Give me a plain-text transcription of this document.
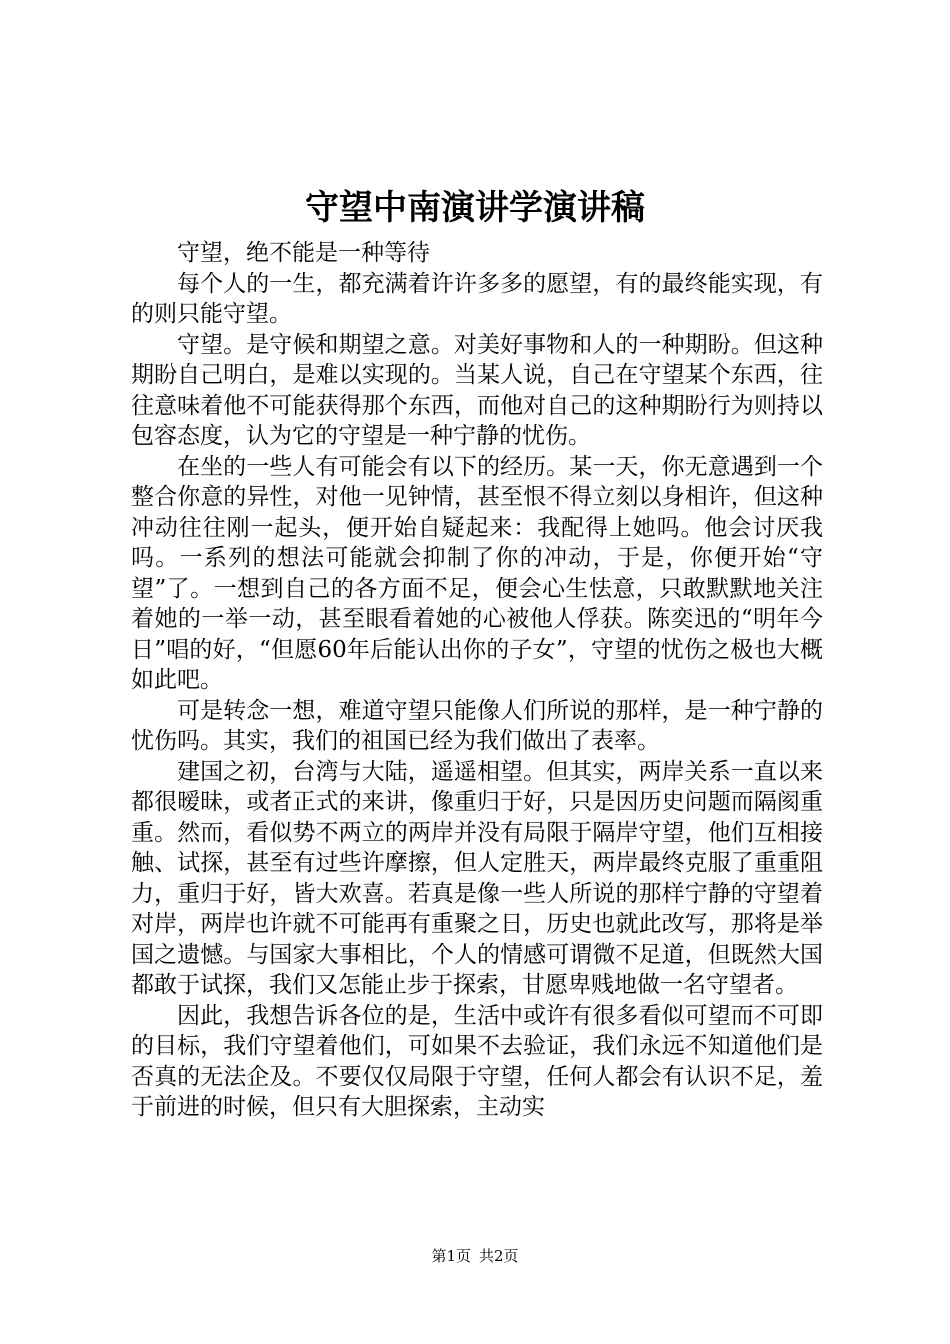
守望中南演讲学演讲稿

守望，绝不能是一种等待

每个人的一生，都充满着许许多多的愿望，有的最终能实现，有的则只能守望。

守望。是守候和期望之意。对美好事物和人的一种期盼。但这种期盼自己明白，是难以实现的。当某人说，自己在守望某个东西，往往意味着他不可能获得那个东西，而他对自己的这种期盼行为则持以包容态度，认为它的守望是一种宁静的忧伤。

在坐的一些人有可能会有以下的经历。某一天，你无意遇到一个整合你意的异性，对他一见钟情，甚至恨不得立刻以身相许，但这种冲动往往刚一起头，便开始自疑起来：我配得上她吗。他会讨厌我吗。一系列的想法可能就会抑制了你的冲动，于是，你便开始“守望”了。一想到自己的各方面不足，便会心生怯意，只敢默默地关注着她的一举一动，甚至眼看着她的心被他人俘获。陈奕迅的“明年今日”唱的好，“但愿60年后能认出你的子女”，守望的忧伤之极也大概如此吧。

可是转念一想，难道守望只能像人们所说的那样，是一种宁静的忧伤吗。其实，我们的祖国已经为我们做出了表率。

建国之初，台湾与大陆，遥遥相望。但其实，两岸关系一直以来都很暧昧，或者正式的来讲，像重归于好，只是因历史问题而隔阂重重。然而，看似势不两立的两岸并没有局限于隔岸守望，他们互相接触、试探，甚至有过些许摩擦，但人定胜天，两岸最终克服了重重阻力，重归于好，皆大欢喜。若真是像一些人所说的那样宁静的守望着对岸，两岸也许就不可能再有重聚之日，历史也就此改写，那将是举国之遗憾。与国家大事相比，个人的情感可谓微不足道，但既然大国都敢于试探，我们又怎能止步于探索，甘愿卑贱地做一名守望者。

因此，我想告诉各位的是，生活中或许有很多看似可望而不可即的目标，我们守望着他们，可如果不去验证，我们永远不知道他们是否真的无法企及。不要仅仅局限于守望，任何人都会有认识不足，羞于前进的时候，但只有大胆探索，主动实

第1页 共2页
